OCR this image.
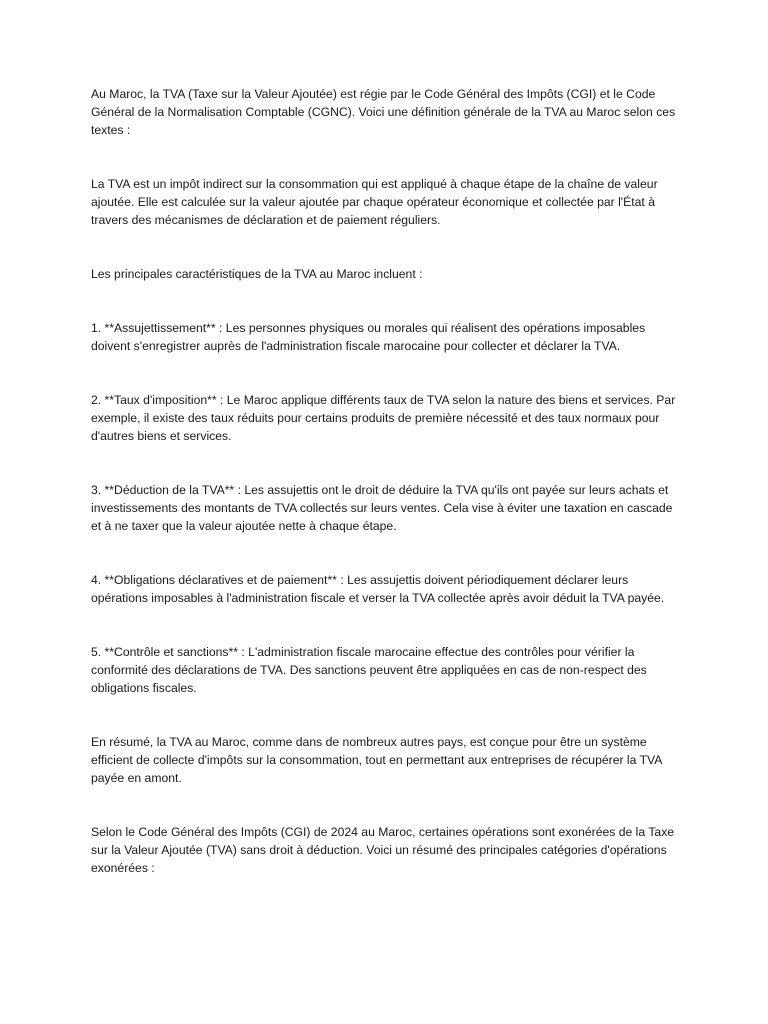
Au Maroc, la TVA (Taxe sur la Valeur Ajoutée) est régie par le Code Général des Impôts (CGI) et le Code Général de la Normalisation Comptable (CGNC). Voici une définition générale de la TVA au Maroc selon ces textes :

La TVA est un impôt indirect sur la consommation qui est appliqué à chaque étape de la chaîne de valeur ajoutée. Elle est calculée sur la valeur ajoutée par chaque opérateur économique et collectée par l'État à travers des mécanismes de déclaration et de paiement réguliers.

Les principales caractéristiques de la TVA au Maroc incluent :

1. **Assujettissement** : Les personnes physiques ou morales qui réalisent des opérations imposables doivent s'enregistrer auprès de l'administration fiscale marocaine pour collecter et déclarer la TVA.

2. **Taux d'imposition** : Le Maroc applique différents taux de TVA selon la nature des biens et services. Par exemple, il existe des taux réduits pour certains produits de première nécessité et des taux normaux pour d'autres biens et services.

3. **Déduction de la TVA** : Les assujettis ont le droit de déduire la TVA qu'ils ont payée sur leurs achats et investissements des montants de TVA collectés sur leurs ventes. Cela vise à éviter une taxation en cascade et à ne taxer que la valeur ajoutée nette à chaque étape.

4. **Obligations déclaratives et de paiement** : Les assujettis doivent périodiquement déclarer leurs opérations imposables à l'administration fiscale et verser la TVA collectée après avoir déduit la TVA payée.

5. **Contrôle et sanctions** : L'administration fiscale marocaine effectue des contrôles pour vérifier la conformité des déclarations de TVA. Des sanctions peuvent être appliquées en cas de non-respect des obligations fiscales.

En résumé, la TVA au Maroc, comme dans de nombreux autres pays, est conçue pour être un système efficient de collecte d'impôts sur la consommation, tout en permettant aux entreprises de récupérer la TVA payée en amont.

Selon le Code Général des Impôts (CGI) de 2024 au Maroc, certaines opérations sont exonérées de la Taxe sur la Valeur Ajoutée (TVA) sans droit à déduction. Voici un résumé des principales catégories d'opérations exonérées :
